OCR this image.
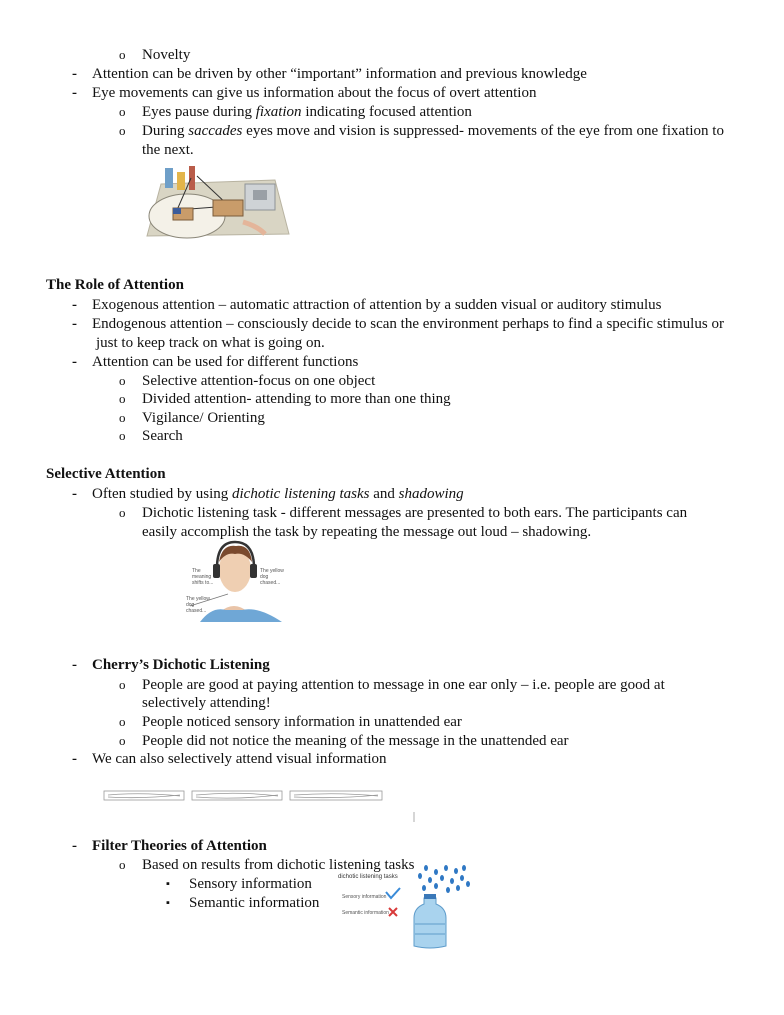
o Novelty
- Attention can be driven by other “important” information and previous knowledge
- Eye movements can give us information about the focus of overt attention
o Eyes pause during fixation indicating focused attention
o During saccades eyes move and vision is suppressed- movements of the eye from one fixation to
the next.
The Role of Attention
- Exogenous attention – automatic attraction of attention by a sudden visual or auditory stimulus
- Endogenous attention – consciously decide to scan the environment perhaps to find a specific stimulus or
just to keep track on what is going on.
- Attention can be used for different functions
o Selective attention-focus on one object
o Divided attention- attending to more than one thing
o Vigilance/ Orienting
o Search
Selective Attention
- Often studied by using dichotic listening tasks and shadowing
o Dichotic listening task - different messages are presented to both ears. The participants can
easily accomplish the task by repeating the message out loud – shadowing.
The meaning shifts to...
The yellow dog chased...
The yellow dog chased...
- Cherry’s Dichotic Listening
o People are good at paying attention to message in one ear only – i.e. people are good at
selectively attending!
o People noticed sensory information in unattended ear
o People did not notice the meaning of the message in the unattended ear
- We can also selectively attend visual information
- Filter Theories of Attention
o Based on results from dichotic listening tasks
▪ Sensory information
▪ Semantic information
dichotic listening tasks
Sensory information
Semantic information
